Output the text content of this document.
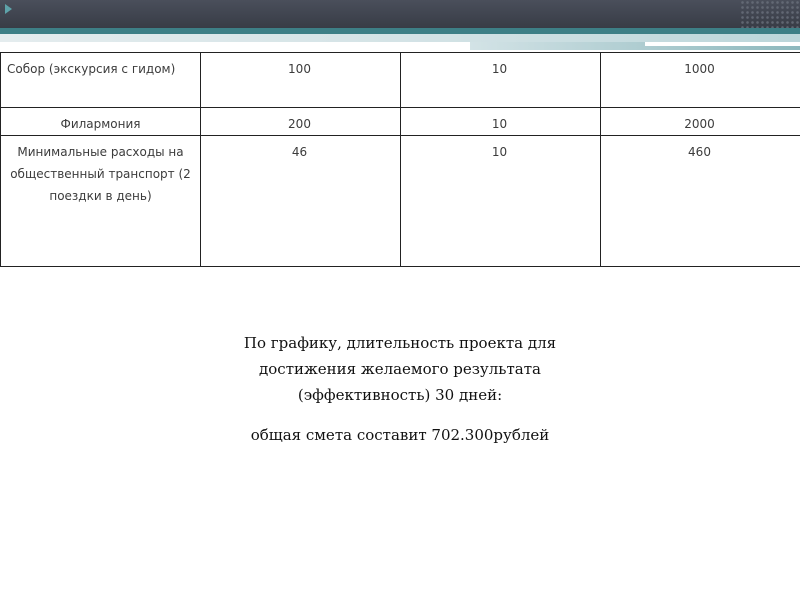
Собор (экскурсия с гидом)	100	10	1000
Филармония	200	10	2000
Минимальные расходы на общественный транспорт (2 поездки в день)	46	10	460

По графику, длительность проекта для

достижения желаемого результата

(эффективность) 30 дней:

общая смета составит 702.300рублей
